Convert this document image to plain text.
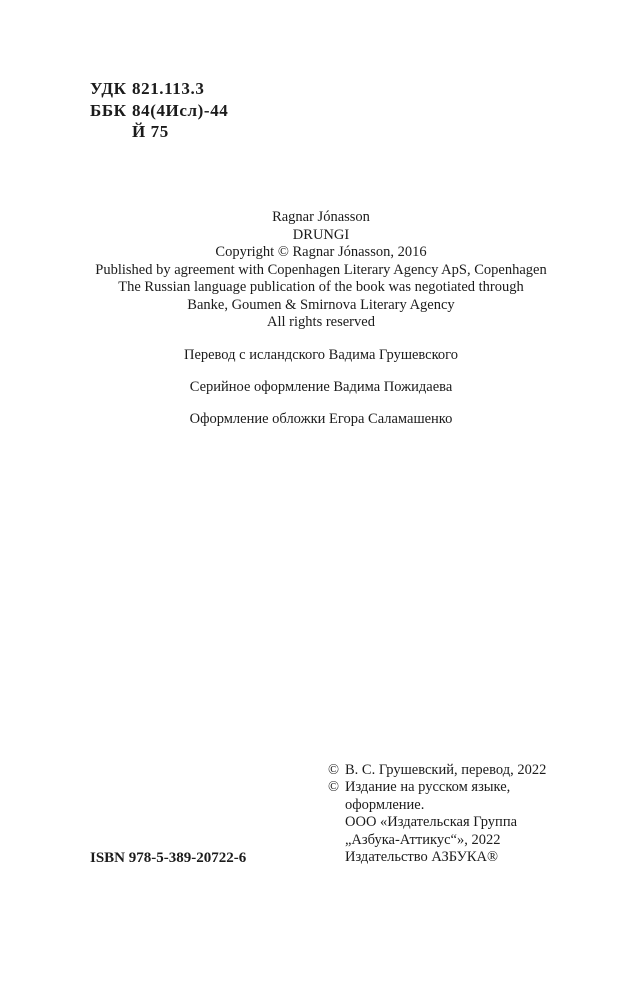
УДК 821.113.3
ББК 84(4Исл)-44
Й 75
Ragnar Jónasson
DRUNGI
Copyright © Ragnar Jónasson, 2016
Published by agreement with Copenhagen Literary Agency ApS, Copenhagen
The Russian language publication of the book was negotiated through
Banke, Goumen & Smirnova Literary Agency
All rights reserved
Перевод с исландского Вадима Грушевского
Серийное оформление Вадима Пожидаева
Оформление обложки Егора Саламашенко
ISBN 978-5-389-20722-6
© В. С. Грушевский, перевод, 2022
© Издание на русском языке,
оформление.
ООО «Издательская Группа
„Азбука-Аттикус“», 2022
Издательство АЗБУКА®
